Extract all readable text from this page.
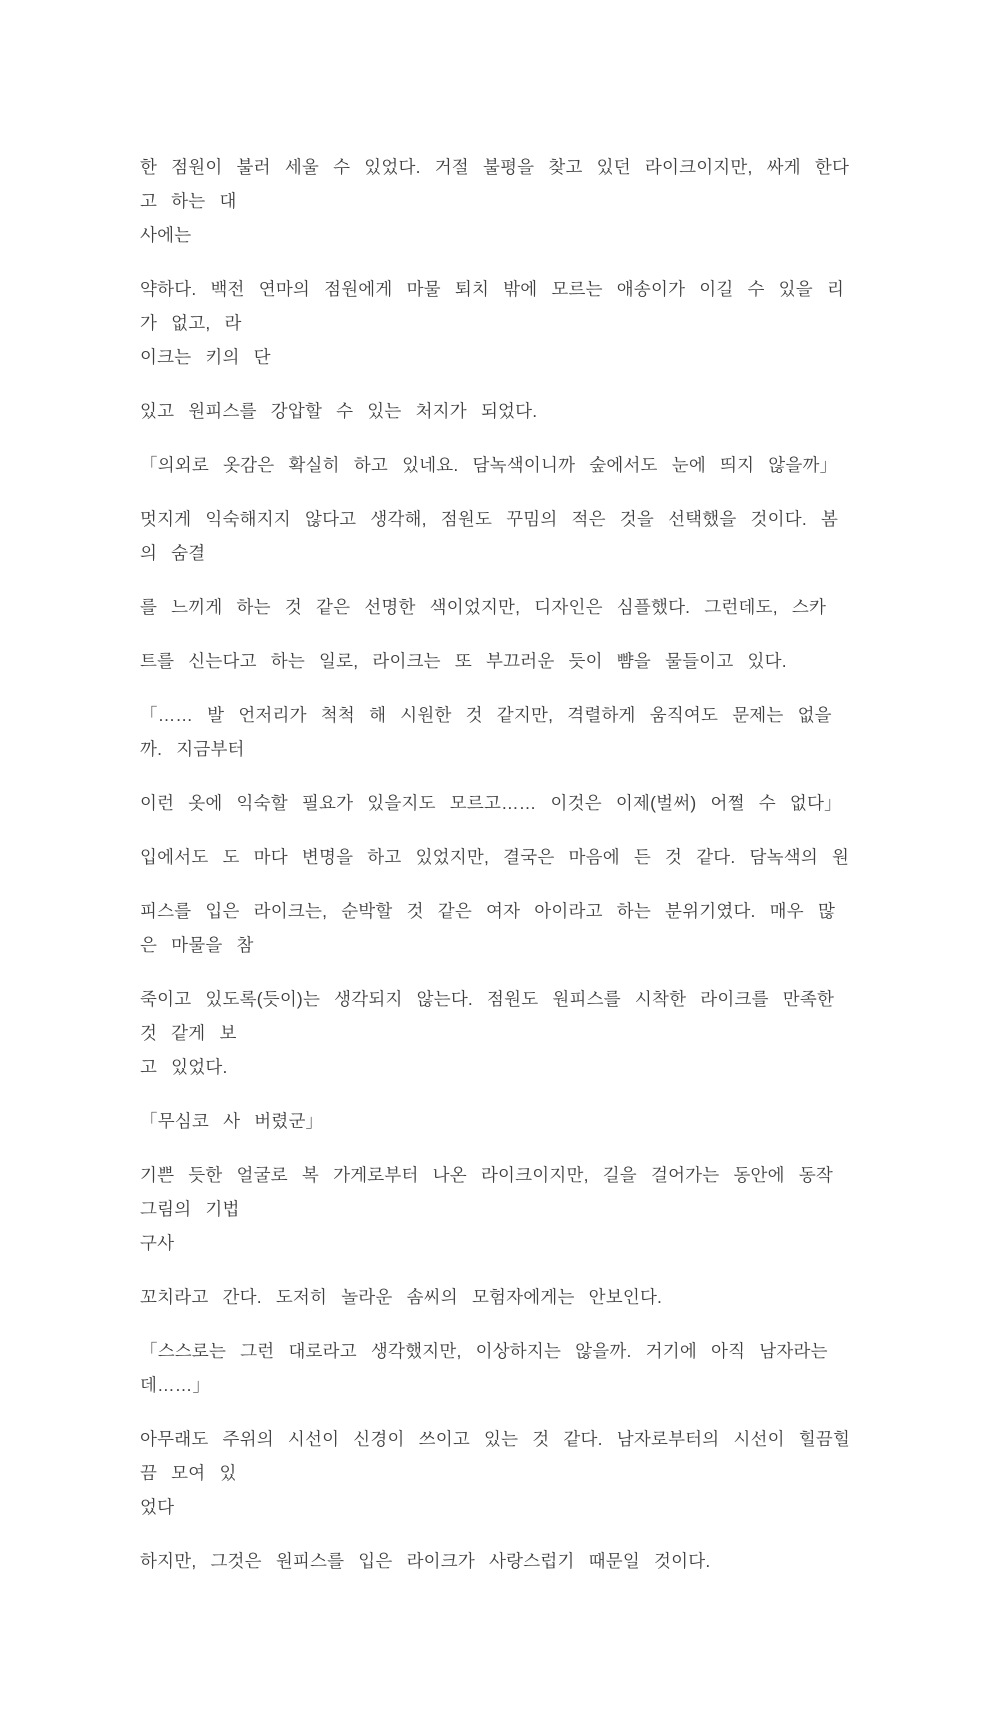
한 점원이 불러 세울 수 있었다. 거절 불평을 찾고 있던 라이크이지만, 싸게 한다고 하는 대
사에는

약하다. 백전 연마의 점원에게 마물 퇴치 밖에 모르는 애송이가 이길 수 있을 리가 없고, 라
이크는 키의 단

있고 원피스를 강압할 수 있는 처지가 되었다.

「의외로 옷감은 확실히 하고 있네요. 담녹색이니까 숲에서도 눈에 띄지 않을까」

멋지게 익숙해지지 않다고 생각해, 점원도 꾸밈의 적은 것을 선택했을 것이다. 봄의 숨결

를 느끼게 하는 것 같은 선명한 색이었지만, 디자인은 심플했다. 그런데도, 스카

트를 신는다고 하는 일로, 라이크는 또 부끄러운 듯이 뺨을 물들이고 있다.

「…… 발 언저리가 척척 해 시원한 것 같지만, 격렬하게 움직여도 문제는 없을까. 지금부터

이런 옷에 익숙할 필요가 있을지도 모르고…… 이것은 이제(벌써) 어쩔 수 없다」

입에서도 도 마다 변명을 하고 있었지만, 결국은 마음에 든 것 같다. 담녹색의 원

피스를 입은 라이크는, 순박할 것 같은 여자 아이라고 하는 분위기였다. 매우 많은 마물을 참

죽이고 있도록(듯이)는 생각되지 않는다. 점원도 원피스를 시착한 라이크를 만족한 것 같게 보
고 있었다.

「무심코 사 버렸군」

기쁜 듯한 얼굴로 복 가게로부터 나온 라이크이지만, 길을 걸어가는 동안에 동작 그림의 기법
구사

꼬치라고 간다. 도저히 놀라운 솜씨의 모험자에게는 안보인다.

「스스로는 그런 대로라고 생각했지만, 이상하지는 않을까. 거기에 아직 남자라는데……」

아무래도 주위의 시선이 신경이 쓰이고 있는 것 같다. 남자로부터의 시선이 힐끔힐끔 모여 있
었다

하지만, 그것은 원피스를 입은 라이크가 사랑스럽기 때문일 것이다.
